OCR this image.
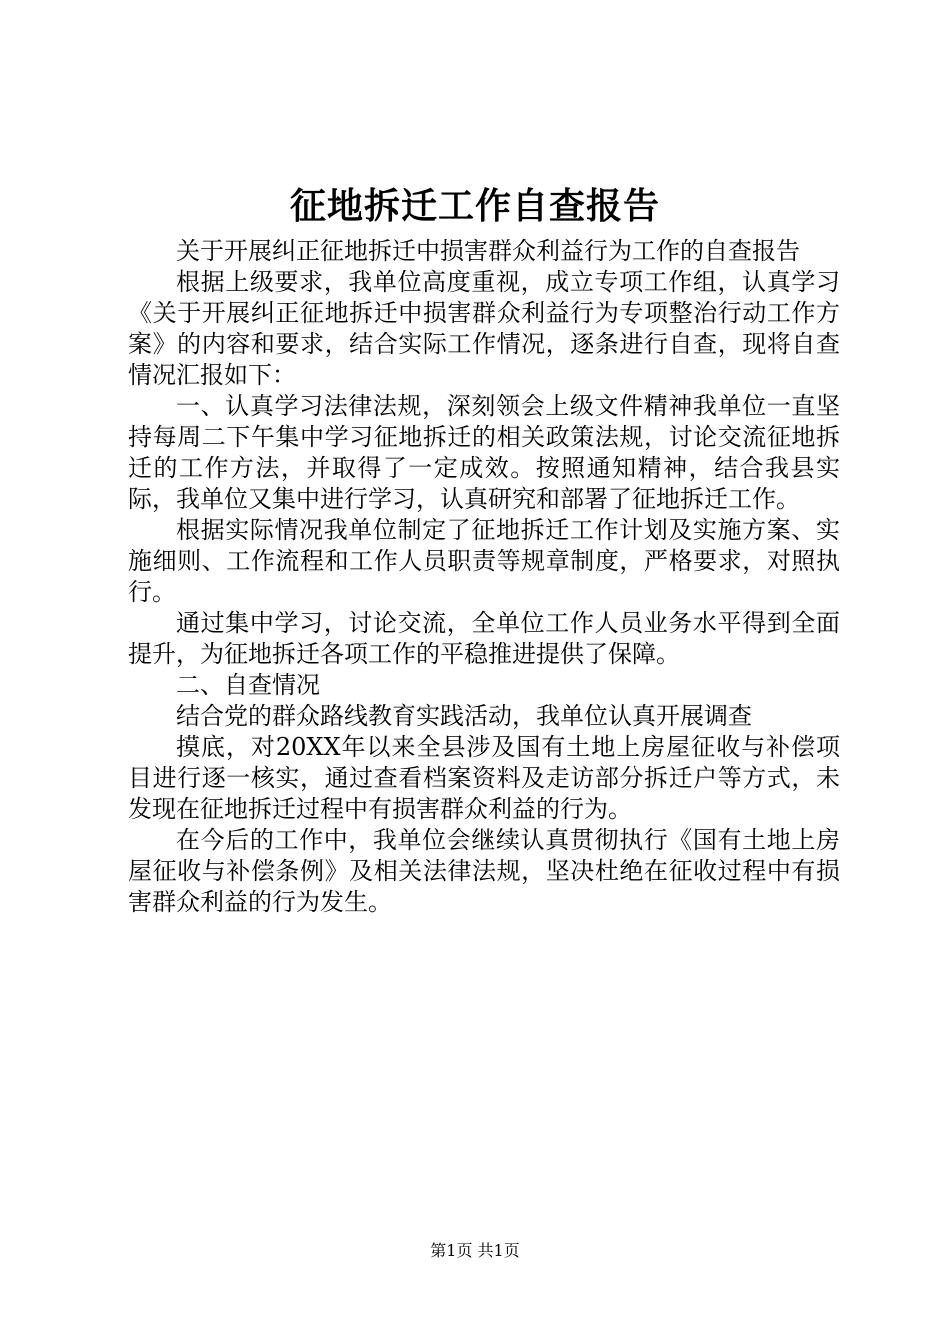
征地拆迁工作自查报告

关于开展纠正征地拆迁中损害群众利益行为工作的自查报告

根据上级要求，我单位高度重视，成立专项工作组，认真学习《关于开展纠正征地拆迁中损害群众利益行为专项整治行动工作方案》的内容和要求，结合实际工作情况，逐条进行自查，现将自查情况汇报如下：

一、认真学习法律法规，深刻领会上级文件精神我单位一直坚持每周二下午集中学习征地拆迁的相关政策法规，讨论交流征地拆迁的工作方法，并取得了一定成效。按照通知精神，结合我县实际，我单位又集中进行学习，认真研究和部署了征地拆迁工作。

根据实际情况我单位制定了征地拆迁工作计划及实施方案、实施细则、工作流程和工作人员职责等规章制度，严格要求，对照执行。

通过集中学习，讨论交流，全单位工作人员业务水平得到全面提升，为征地拆迁各项工作的平稳推进提供了保障。

二、自查情况

结合党的群众路线教育实践活动，我单位认真开展调查

摸底，对20XX年以来全县涉及国有土地上房屋征收与补偿项目进行逐一核实，通过查看档案资料及走访部分拆迁户等方式，未发现在征地拆迁过程中有损害群众利益的行为。

在今后的工作中，我单位会继续认真贯彻执行《国有土地上房屋征收与补偿条例》及相关法律法规，坚决杜绝在征收过程中有损害群众利益的行为发生。

第1页 共1页
